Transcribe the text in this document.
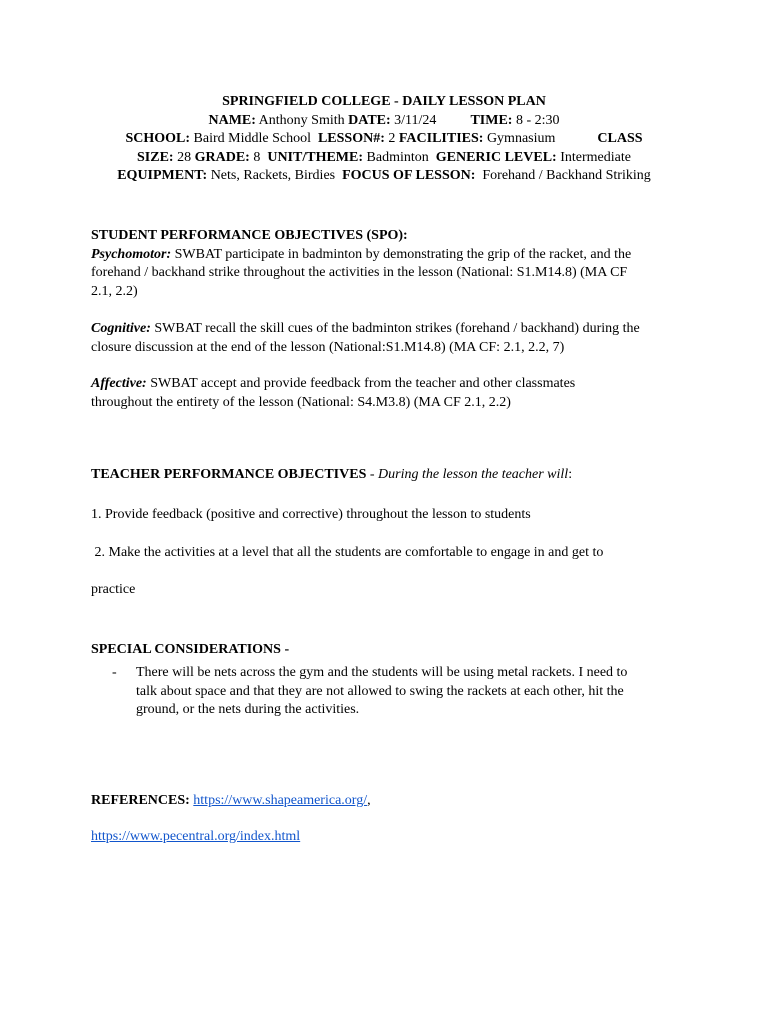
SPRINGFIELD COLLEGE - DAILY LESSON PLAN
NAME: Anthony Smith DATE: 3/11/24 TIME: 8 - 2:30
SCHOOL: Baird Middle School LESSON#: 2 FACILITIES: Gymnasium	CLASS
SIZE: 28 GRADE: 8 UNIT/THEME: Badminton GENERIC LEVEL: Intermediate
EQUIPMENT: Nets, Rackets, Birdies FOCUS OF LESSON: Forehand / Backhand Striking
STUDENT PERFORMANCE OBJECTIVES (SPO):
Psychomotor: SWBAT participate in badminton by demonstrating the grip of the racket, and the
forehand / backhand strike throughout the activities in the lesson (National: S1.M14.8) (MA CF
2.1, 2.2)
Cognitive: SWBAT recall the skill cues of the badminton strikes (forehand / backhand) during the
closure discussion at the end of the lesson (National:S1.M14.8) (MA CF: 2.1, 2.2, 7)
Affective: SWBAT accept and provide feedback from the teacher and other classmates
throughout the entirety of the lesson (National: S4.M3.8) (MA CF 2.1, 2.2)
TEACHER PERFORMANCE OBJECTIVES - During the lesson the teacher will:
1. Provide feedback (positive and corrective) throughout the lesson to students
2. Make the activities at a level that all the students are comfortable to engage in and get to
practice
SPECIAL CONSIDERATIONS -
- There will be nets across the gym and the students will be using metal rackets. I need to
talk about space and that they are not allowed to swing the rackets at each other, hit the
ground, or the nets during the activities.
REFERENCES: https://www.shapeamerica.org/,
https://www.pecentral.org/index.html
